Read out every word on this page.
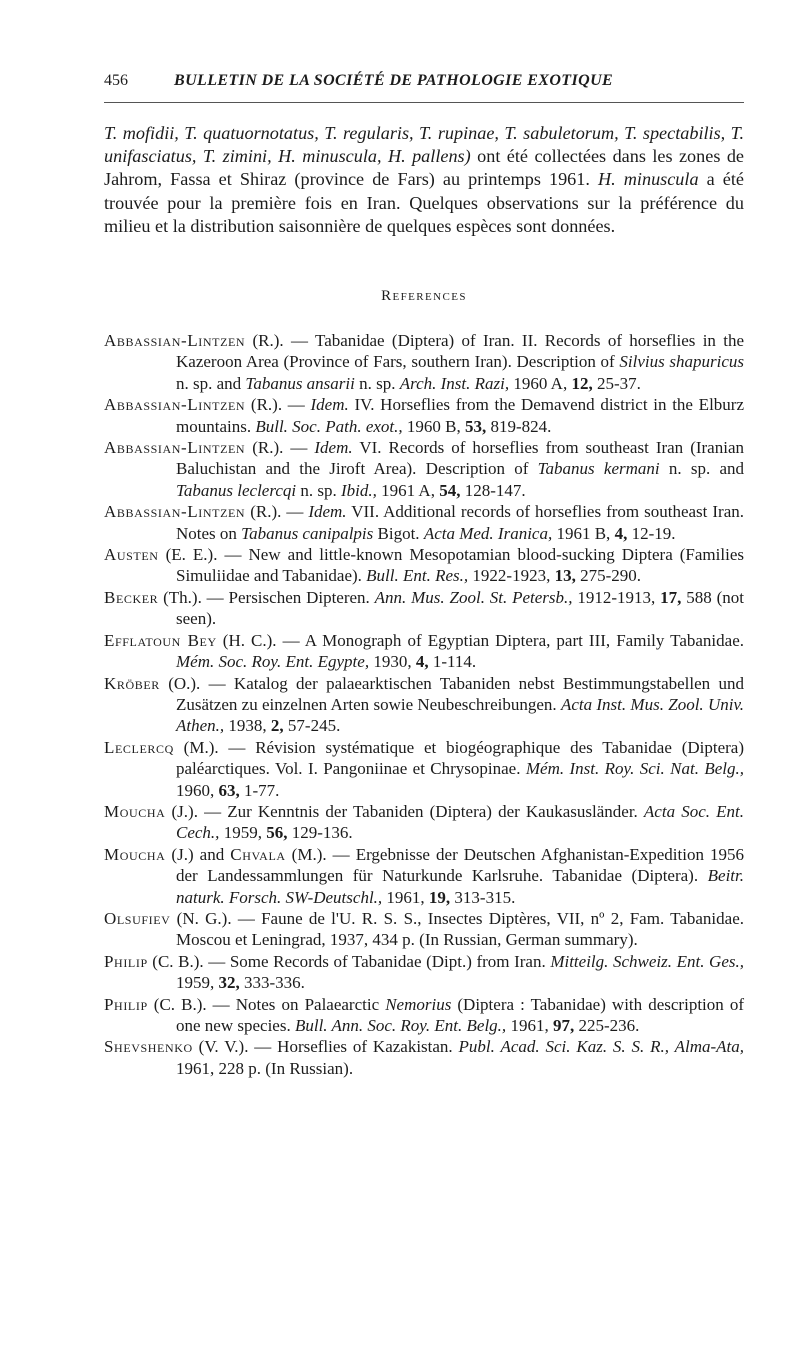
456	BULLETIN DE LA SOCIÉTÉ DE PATHOLOGIE EXOTIQUE

T. mofidii, T. quatuornotatus, T. regularis, T. rupinae, T. sabuletorum, T. spectabilis, T. unifasciatus, T. zimini, H. minuscula, H. pallens) ont été collectées dans les zones de Jahrom, Fassa et Shiraz (province de Fars) au printemps 1961. H. minuscula a été trouvée pour la première fois en Iran. Quelques observations sur la préférence du milieu et la distribution saisonnière de quelques espèces sont données.

References

Abbassian-Lintzen (R.). — Tabanidae (Diptera) of Iran. II. Records of horseflies in the Kazeroon Area (Province of Fars, southern Iran). Description of Silvius shapuricus n. sp. and Tabanus ansarii n. sp. Arch. Inst. Razi, 1960 A, 12, 25-37.

Abbassian-Lintzen (R.). — Idem. IV. Horseflies from the Demavend district in the Elburz mountains. Bull. Soc. Path. exot., 1960 B, 53, 819-824.

Abbassian-Lintzen (R.). — Idem. VI. Records of horseflies from southeast Iran (Iranian Baluchistan and the Jiroft Area). Description of Tabanus kermani n. sp. and Tabanus leclercqi n. sp. Ibid., 1961 A, 54, 128-147.

Abbassian-Lintzen (R.). — Idem. VII. Additional records of horseflies from southeast Iran. Notes on Tabanus canipalpis Bigot. Acta Med. Iranica, 1961 B, 4, 12-19.

Austen (E. E.). — New and little-known Mesopotamian blood-sucking Diptera (Families Simuliidae and Tabanidae). Bull. Ent. Res., 1922-1923, 13, 275-290.

Becker (Th.). — Persischen Dipteren. Ann. Mus. Zool. St. Petersb., 1912-1913, 17, 588 (not seen).

Efflatoun Bey (H. C.). — A Monograph of Egyptian Diptera, part III, Family Tabanidae. Mém. Soc. Roy. Ent. Egypte, 1930, 4, 1-114.

Kröber (O.). — Katalog der palaearktischen Tabaniden nebst Bestimmungstabellen und Zusätzen zu einzelnen Arten sowie Neubeschreibungen. Acta Inst. Mus. Zool. Univ. Athen., 1938, 2, 57-245.

Leclercq (M.). — Révision systématique et biogéographique des Tabanidae (Diptera) paléarctiques. Vol. I. Pangoniinae et Chrysopinae. Mém. Inst. Roy. Sci. Nat. Belg., 1960, 63, 1-77.

Moucha (J.). — Zur Kenntnis der Tabaniden (Diptera) der Kaukasusländer. Acta Soc. Ent. Cech., 1959, 56, 129-136.

Moucha (J.) and Chvala (M.). — Ergebnisse der Deutschen Afghanistan-Expedition 1956 der Landessammlungen für Naturkunde Karlsruhe. Tabanidae (Diptera). Beitr. naturk. Forsch. SW-Deutschl., 1961, 19, 313-315.

Olsufiev (N. G.). — Faune de l'U. R. S. S., Insectes Diptères, VII, nº 2, Fam. Tabanidae. Moscou et Leningrad, 1937, 434 p. (In Russian, German summary).

Philip (C. B.). — Some Records of Tabanidae (Dipt.) from Iran. Mitteilg. Schweiz. Ent. Ges., 1959, 32, 333-336.

Philip (C. B.). — Notes on Palaearctic Nemorius (Diptera : Tabanidae) with description of one new species. Bull. Ann. Soc. Roy. Ent. Belg., 1961, 97, 225-236.

Shevshenko (V. V.). — Horseflies of Kazakistan. Publ. Acad. Sci. Kaz. S. S. R., Alma-Ata, 1961, 228 p. (In Russian).
